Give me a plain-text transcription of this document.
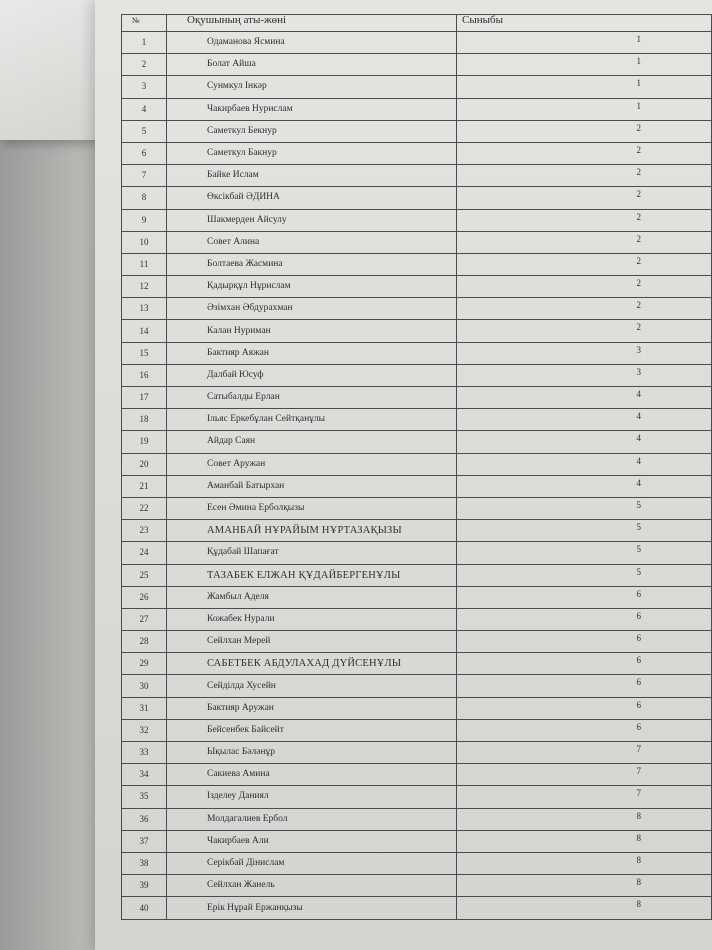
№	Оқушының аты-жөні	Сыныбы
1	Одаманова Ясмина	1
2	Болат Айша	1
3	Сунмкул Інкәр	1
4	Чакирбаев Нурислам	1
5	Саметкул Бекнур	2
6	Саметкул Бакнур	2
7	Байке Ислам	2
8	Өксікбай ӘДИНА	2
9	Шакмерден Айсулу	2
10	Совет Алина	2
11	Болтаева Жасмина	2
12	Қадырқұл Нұрислам	2
13	Әзімхан Әбдурахман	2
14	Калан Нуриман	2
15	Бактияр Аяжан	3
16	Далбай Юсуф	3
17	Сатыбалды Ерлан	4
18	Ільяс Еркебұлан Сейтқанұлы	4
19	Айдар Саян	4
20	Совет Аружан	4
21	Аманбай Батырхан	4
22	Есен Әмина Ерболқызы	5
23	АМАНБАЙ НҰРАЙЫМ НҰРТАЗАҚЫЗЫ	5
24	Құдабай Шапағат	5
25	ТАЗАБЕК ЕЛЖАН ҚҰДАЙБЕРГЕНҰЛЫ	5
26	Жамбыл Аделя	6
27	Кожабек Нурали	6
28	Сейлхан Мерей	6
29	САБЕТБЕК АБДУЛАХАД ДҮЙСЕНҰЛЫ	6
30	Сейділда Хусейн	6
31	Бактияр Аружан	6
32	Бейсенбек Байсейт	6
33	Ықылас Бәләнұр	7
34	Сакиева Амина	7
35	Ізделеу Даниял	7
36	Молдагалиев Ербол	8
37	Чакирбаев Али	8
38	Серікбай Дінислам	8
39	Сейлхан Жанель	8
40	Ерік Нұрай Ержанқызы	8
